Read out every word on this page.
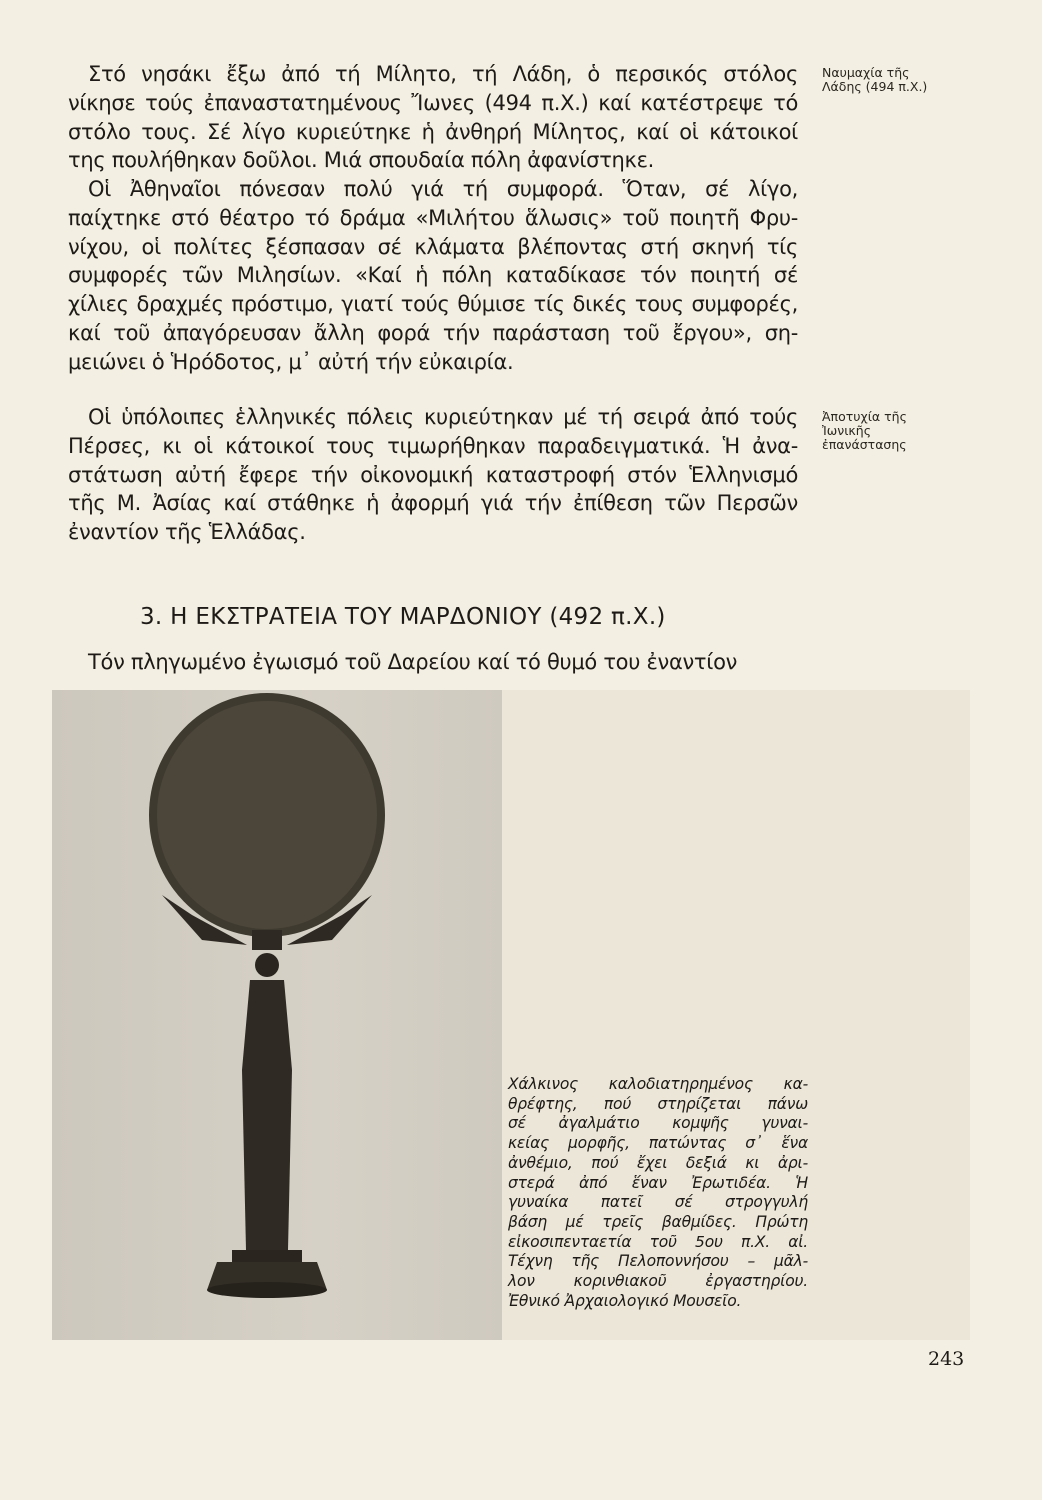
Στό νησάκι ἔξω ἀπό τή Μίλητο, τή Λάδη, ὁ περσικός στόλος
νίκησε τούς ἐπαναστατημένους Ἴωνες (494 π.Χ.) καί κατέστρεψε τό
στόλο τους. Σέ λίγο κυριεύτηκε ἡ ἀνθηρή Μίλητος, καί οἱ κάτοικοί
της πουλήθηκαν δοῦλοι. Μιά σπουδαία πόλη ἀφανίστηκε.
Οἱ Ἀθηναῖοι πόνεσαν πολύ γιά τή συμφορά. Ὅταν, σέ λίγο,
παίχτηκε στό θέατρο τό δράμα «Μιλήτου ἅλωσις» τοῦ ποιητῆ Φρυ-
νίχου, οἱ πολίτες ξέσπασαν σέ κλάματα βλέποντας στή σκηνή τίς
συμφορές τῶν Μιλησίων. «Καί ἡ πόλη καταδίκασε τόν ποιητή σέ
χίλιες δραχμές πρόστιμο, γιατί τούς θύμισε τίς δικές τους συμφορές,
καί τοῦ ἀπαγόρευσαν ἄλλη φορά τήν παράσταση τοῦ ἔργου», ση-
μειώνει ὁ Ἡρόδοτος, μ᾽ αὐτή τήν εὐκαιρία.
Οἱ ὑπόλοιπες ἑλληνικές πόλεις κυριεύτηκαν μέ τή σειρά ἀπό τούς
Πέρσες, κι οἱ κάτοικοί τους τιμωρήθηκαν παραδειγματικά. Ἡ ἀνα-
στάτωση αὐτή ἔφερε τήν οἰκονομική καταστροφή στόν Ἑλληνισμό
τῆς Μ. Ἀσίας καί στάθηκε ἡ ἀφορμή γιά τήν ἐπίθεση τῶν Περσῶν
ἐναντίον τῆς Ἑλλάδας.
Ναυμαχία τῆς
Λάδης (494 π.Χ.)
Ἀποτυχία τῆς
Ἰωνικῆς
ἐπανάστασης
3. Η ΕΚΣΤΡΑΤΕΙΑ ΤΟΥ ΜΑΡΔΟΝΙΟΥ (492 π.Χ.)
Τόν πληγωμένο ἐγωισμό τοῦ Δαρείου καί τό θυμό του ἐναντίον
Χάλκινος καλοδιατηρημένος κα-
θρέφτης, πού στηρίζεται πάνω
σέ ἀγαλμάτιο κομψῆς γυναι-
κείας μορφῆς, πατώντας σ᾽ ἕνα
ἀνθέμιο, πού ἔχει δεξιά κι ἀρι-
στερά ἀπό ἕναν Ἐρωτιδέα. Ἡ
γυναίκα πατεῖ σέ στρογγυλή
βάση μέ τρεῖς βαθμίδες. Πρώτη
εἰκοσιπενταετία τοῦ 5ου π.Χ. αἰ.
Τέχνη τῆς Πελοποννήσου – μᾶλ-
λον κορινθιακοῦ ἐργαστηρίου.
Ἐθνικό Ἀρχαιολογικό Μουσεῖο.
243
